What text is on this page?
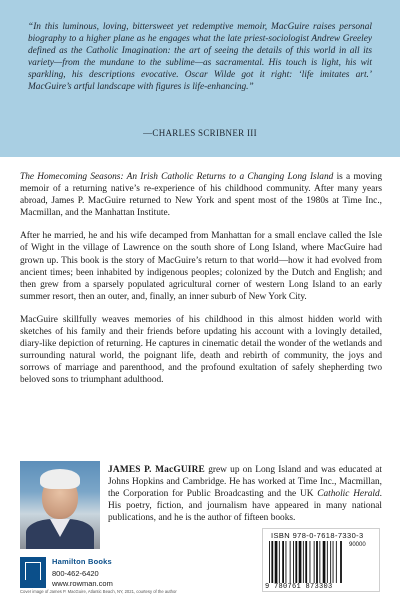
“In this luminous, loving, bittersweet yet redemptive memoir, MacGuire raises personal biography to a higher plane as he engages what the late priest-sociologist Andrew Greeley defined as the Catholic Imagination: the art of seeing the details of this world in all its variety—from the mundane to the sublime—as sacramental. His touch is light, his wit sparkling, his descriptions evocative. Oscar Wilde got it right: ‘life imitates art.’ MacGuire’s artful landscape with figures is life-enhancing.”
—CHARLES SCRIBNER III

The Homecoming Seasons: An Irish Catholic Returns to a Changing Long Island is a moving memoir of a returning native’s re-experience of his childhood community. After many years abroad, James P. MacGuire returned to New York and spent most of the 1980s at Time Inc., Macmillan, and the Manhattan Institute.

After he married, he and his wife decamped from Manhattan for a small enclave called the Isle of Wight in the village of Lawrence on the south shore of Long Island, where MacGuire had grown up. This book is the story of MacGuire’s return to that world—how it had evolved from ancient times; been inhabited by indigenous peoples; colonized by the Dutch and English; and then grew from a sparsely populated agricultural corner of western Long Island to an early summer resort, then an outer, and, finally, an inner suburb of New York City.

MacGuire skillfully weaves memories of his childhood in this almost hidden world with sketches of his family and their friends before updating his account with a lovingly detailed, diary-like depiction of returning. He captures in cinematic detail the wonder of the wetlands and surrounding natural world, the poignant life, death and rebirth of community, the joys and sorrows of marriage and parenthood, and the profound exultation of safely shepherding two beloved sons to triumphant adulthood.

JAMES P. MacGUIRE grew up on Long Island and was educated at Johns Hopkins and Cambridge. He has worked at Time Inc., Macmillan, the Corporation for Public Broadcasting and the UK Catholic Herald. His poetry, fiction, and journalism have appeared in many national publications, and he is the author of fifteen books.
Hamilton Books
800-462-6420
www.rowman.com
Cover image of James P. MacGuire, Atlantic Beach, NY, 2021, courtesy of the author
ISBN 978-0-7618-7330-3
90000
9 780761 873303
